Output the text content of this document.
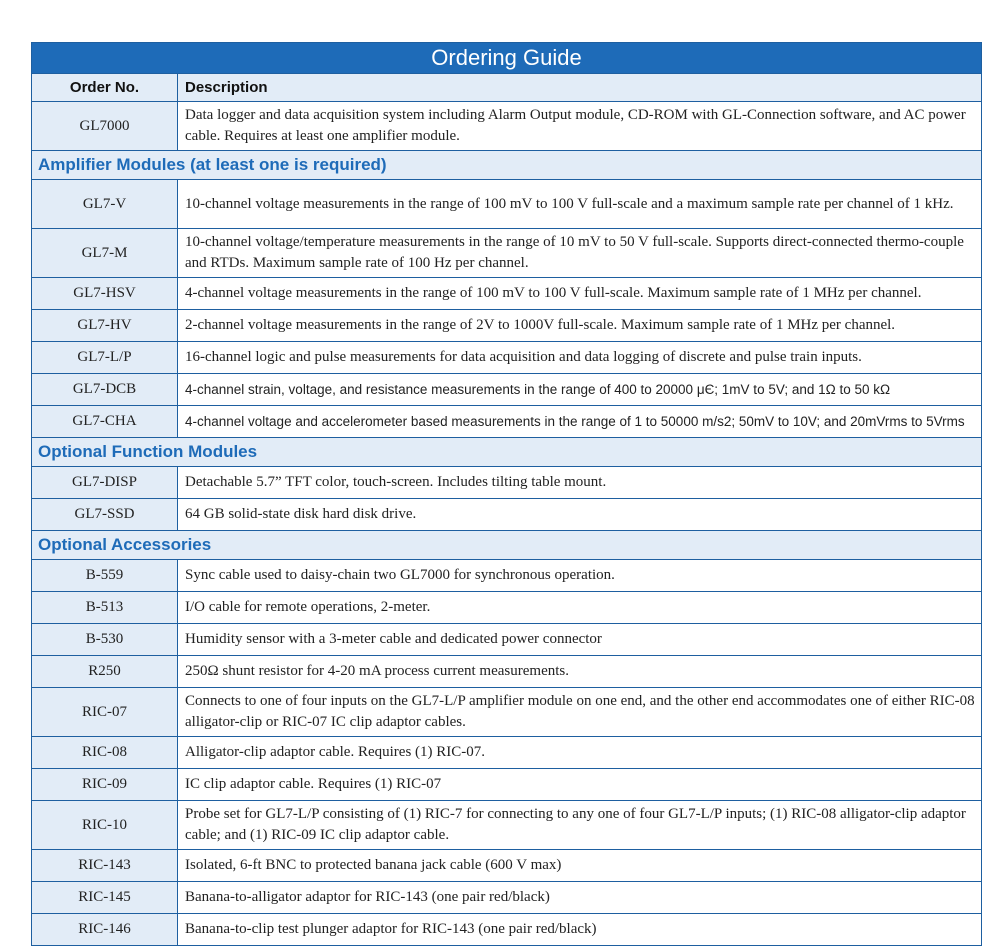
Ordering Guide	
Order No.	Description
GL7000	Data logger and data acquisition system including Alarm Output module, CD-ROM with GL-Connection software, and AC power cable. Requires at least one amplifier module.
Amplifier Modules (at least one is required)	
GL7-V	10-channel voltage measurements in the range of 100 mV to 100 V full-scale and a maximum sample rate per channel of 1 kHz.
GL7-M	10-channel voltage/temperature measurements in the range of 10 mV to 50 V full-scale. Supports direct-connected thermo-couple and RTDs. Maximum sample rate of 100 Hz per channel.
GL7-HSV	4-channel voltage measurements in the range of 100 mV to 100 V full-scale. Maximum sample rate of 1 MHz per channel.
GL7-HV	2-channel voltage measurements in the range of 2V to 1000V full-scale. Maximum sample rate of 1 MHz per channel.
GL7-L/P	16-channel logic and pulse measurements for data acquisition and data logging of discrete and pulse train inputs.
GL7-DCB	4-channel strain, voltage, and resistance measurements in the range of 400 to 20000 μЄ; 1mV to 5V; and 1Ω to 50 kΩ
GL7-CHA	4-channel voltage and accelerometer based measurements in the range of 1 to 50000 m/s2; 50mV to 10V; and 20mVrms to 5Vrms
Optional Function Modules	
GL7-DISP	Detachable 5.7” TFT color, touch-screen. Includes tilting table mount.
GL7-SSD	64 GB solid-state disk hard disk drive.
Optional Accessories	
B-559	Sync cable used to daisy-chain two GL7000 for synchronous operation.
B-513	I/O cable for remote operations, 2-meter.
B-530	Humidity sensor with a 3-meter cable and dedicated power connector
R250	250Ω shunt resistor for 4-20 mA process current measurements.
RIC-07	Connects to one of four inputs on the GL7-L/P amplifier module on one end, and the other end accommodates one of either RIC-08 alligator-clip or RIC-07 IC clip adaptor cables.
RIC-08	Alligator-clip adaptor cable. Requires (1) RIC-07.
RIC-09	IC clip adaptor cable. Requires (1) RIC-07
RIC-10	Probe set for GL7-L/P consisting of (1) RIC-7 for connecting to any one of four GL7-L/P inputs; (1) RIC-08 alligator-clip adaptor cable; and (1) RIC-09 IC clip adaptor cable.
RIC-143	Isolated, 6-ft BNC to protected banana jack cable (600 V max)
RIC-145	Banana-to-alligator adaptor for RIC-143 (one pair red/black)
RIC-146	Banana-to-clip test plunger adaptor for RIC-143 (one pair red/black)
